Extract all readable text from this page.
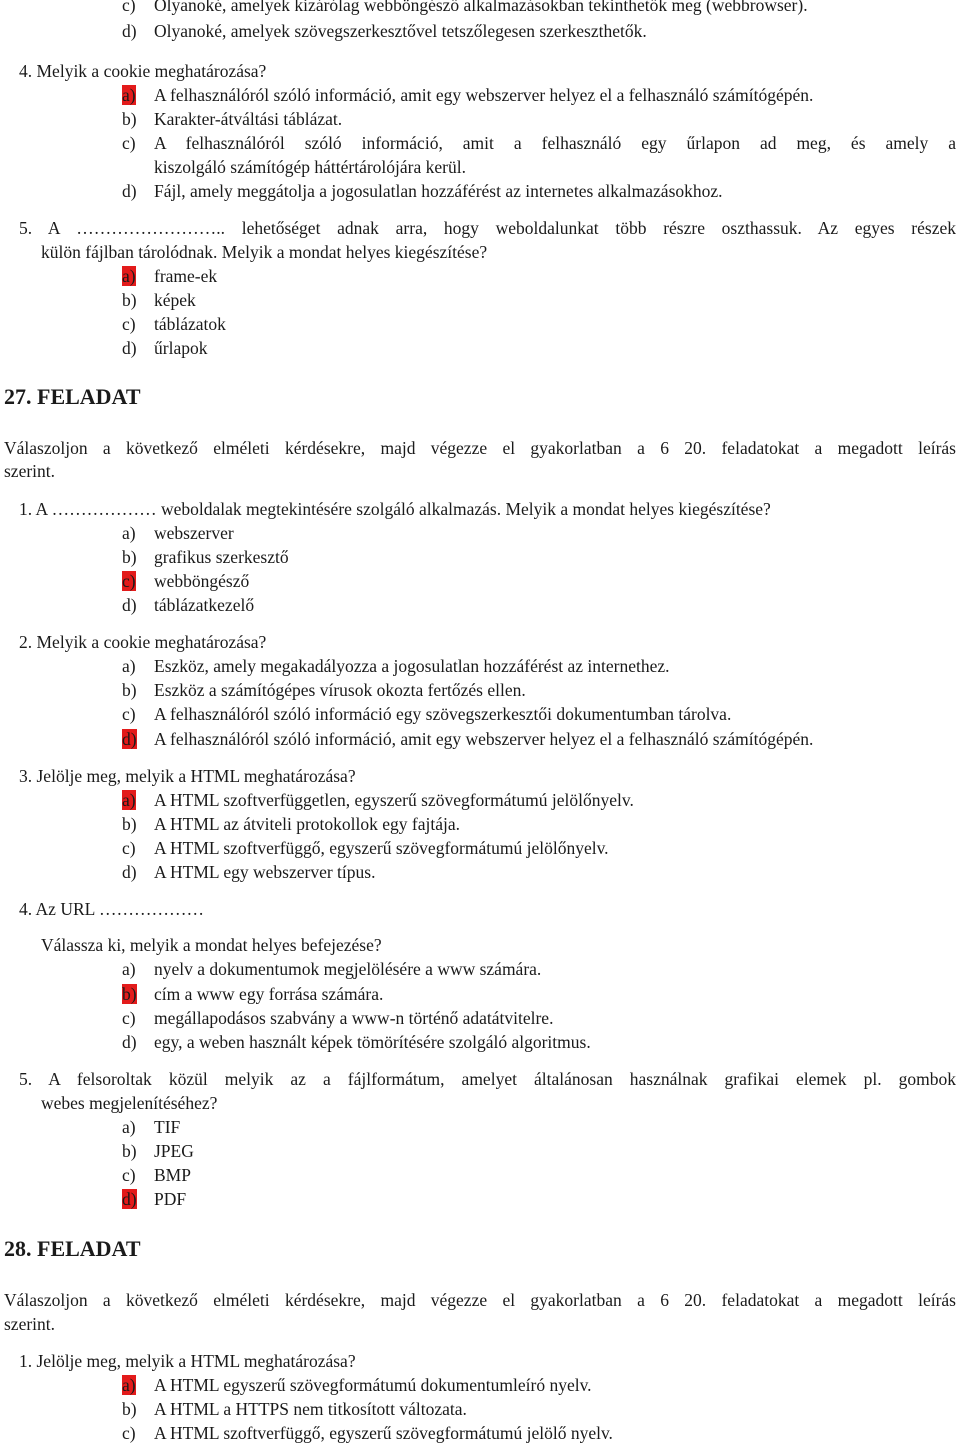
c) Olyanoké, amelyek kizárólag webböngésző alkalmazásokban tekinthetők meg (webbrowser).
d) Olyanoké, amelyek szövegszerkesztővel tetszőlegesen szerkeszthetők.
4. Melyik a cookie meghatározása?
a) A felhasználóról szóló információ, amit egy webszerver helyez el a felhasználó számítógépén.
b) Karakter-átváltási táblázat.
c) A felhasználóról szóló információ, amit a felhasználó egy űrlapon ad meg, és amely a
kiszolgáló számítógép háttértárolójára kerül.
d) Fájl, amely meggátolja a jogosulatlan hozzáférést az internetes alkalmazásokhoz.
5. A …………………….. lehetőséget adnak arra, hogy weboldalunkat több részre oszthassuk. Az egyes részek
külön fájlban tárolódnak. Melyik a mondat helyes kiegészítése?
a) frame-ek
b) képek
c) táblázatok
d) űrlapok
27. FELADAT
Válaszoljon a következő elméleti kérdésekre, majd végezze el gyakorlatban a 6 20. feladatokat a megadott leírás
szerint.
1. A ……………… weboldalak megtekintésére szolgáló alkalmazás. Melyik a mondat helyes kiegészítése?
a) webszerver
b) grafikus szerkesztő
c) webböngésző
d) táblázatkezelő
2. Melyik a cookie meghatározása?
a) Eszköz, amely megakadályozza a jogosulatlan hozzáférést az internethez.
b) Eszköz a számítógépes vírusok okozta fertőzés ellen.
c) A felhasználóról szóló információ egy szövegszerkesztői dokumentumban tárolva.
d) A felhasználóról szóló információ, amit egy webszerver helyez el a felhasználó számítógépén.
3. Jelölje meg, melyik a HTML meghatározása?
a) A HTML szoftverfüggetlen, egyszerű szövegformátumú jelölőnyelv.
b) A HTML az átviteli protokollok egy fajtája.
c) A HTML szoftverfüggő, egyszerű szövegformátumú jelölőnyelv.
d) A HTML egy webszerver típus.
4. Az URL ………………
Válassza ki, melyik a mondat helyes befejezése?
a) nyelv a dokumentumok megjelölésére a www számára.
b) cím a www egy forrása számára.
c) megállapodásos szabvány a www-n történő adatátvitelre.
d) egy, a weben használt képek tömörítésére szolgáló algoritmus.
5. A felsoroltak közül melyik az a fájlformátum, amelyet általánosan használnak grafikai elemek pl. gombok
webes megjelenítéséhez?
a) TIF
b) JPEG
c) BMP
d) PDF
28. FELADAT
Válaszoljon a következő elméleti kérdésekre, majd végezze el gyakorlatban a 6 20. feladatokat a megadott leírás
szerint.
1. Jelölje meg, melyik a HTML meghatározása?
a) A HTML egyszerű szövegformátumú dokumentumleíró nyelv.
b) A HTML a HTTPS nem titkosított változata.
c) A HTML szoftverfüggő, egyszerű szövegformátumú jelölő nyelv.
